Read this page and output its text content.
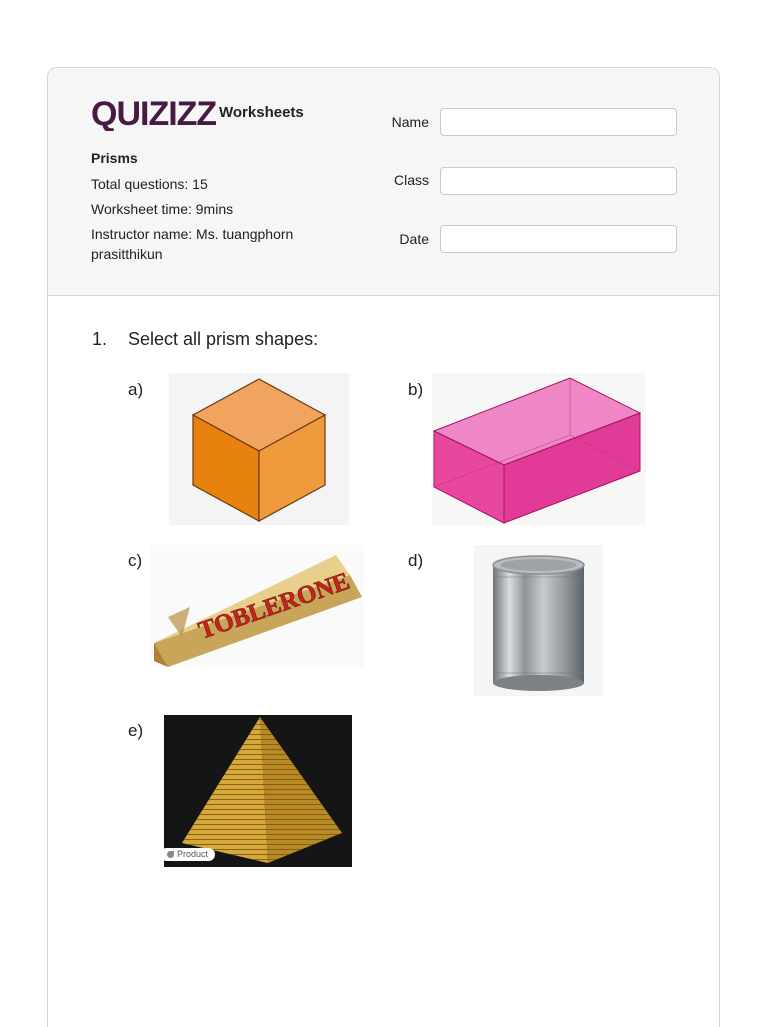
QUIZIZZ Worksheets
Prisms
Total questions: 15
Worksheet time: 9mins
Instructor name: Ms. tuangphorn prasitthikun
Name
Class
Date
1. Select all prism shapes:
a)	b)
c)
TOBLERONE
d)
e)
Product
